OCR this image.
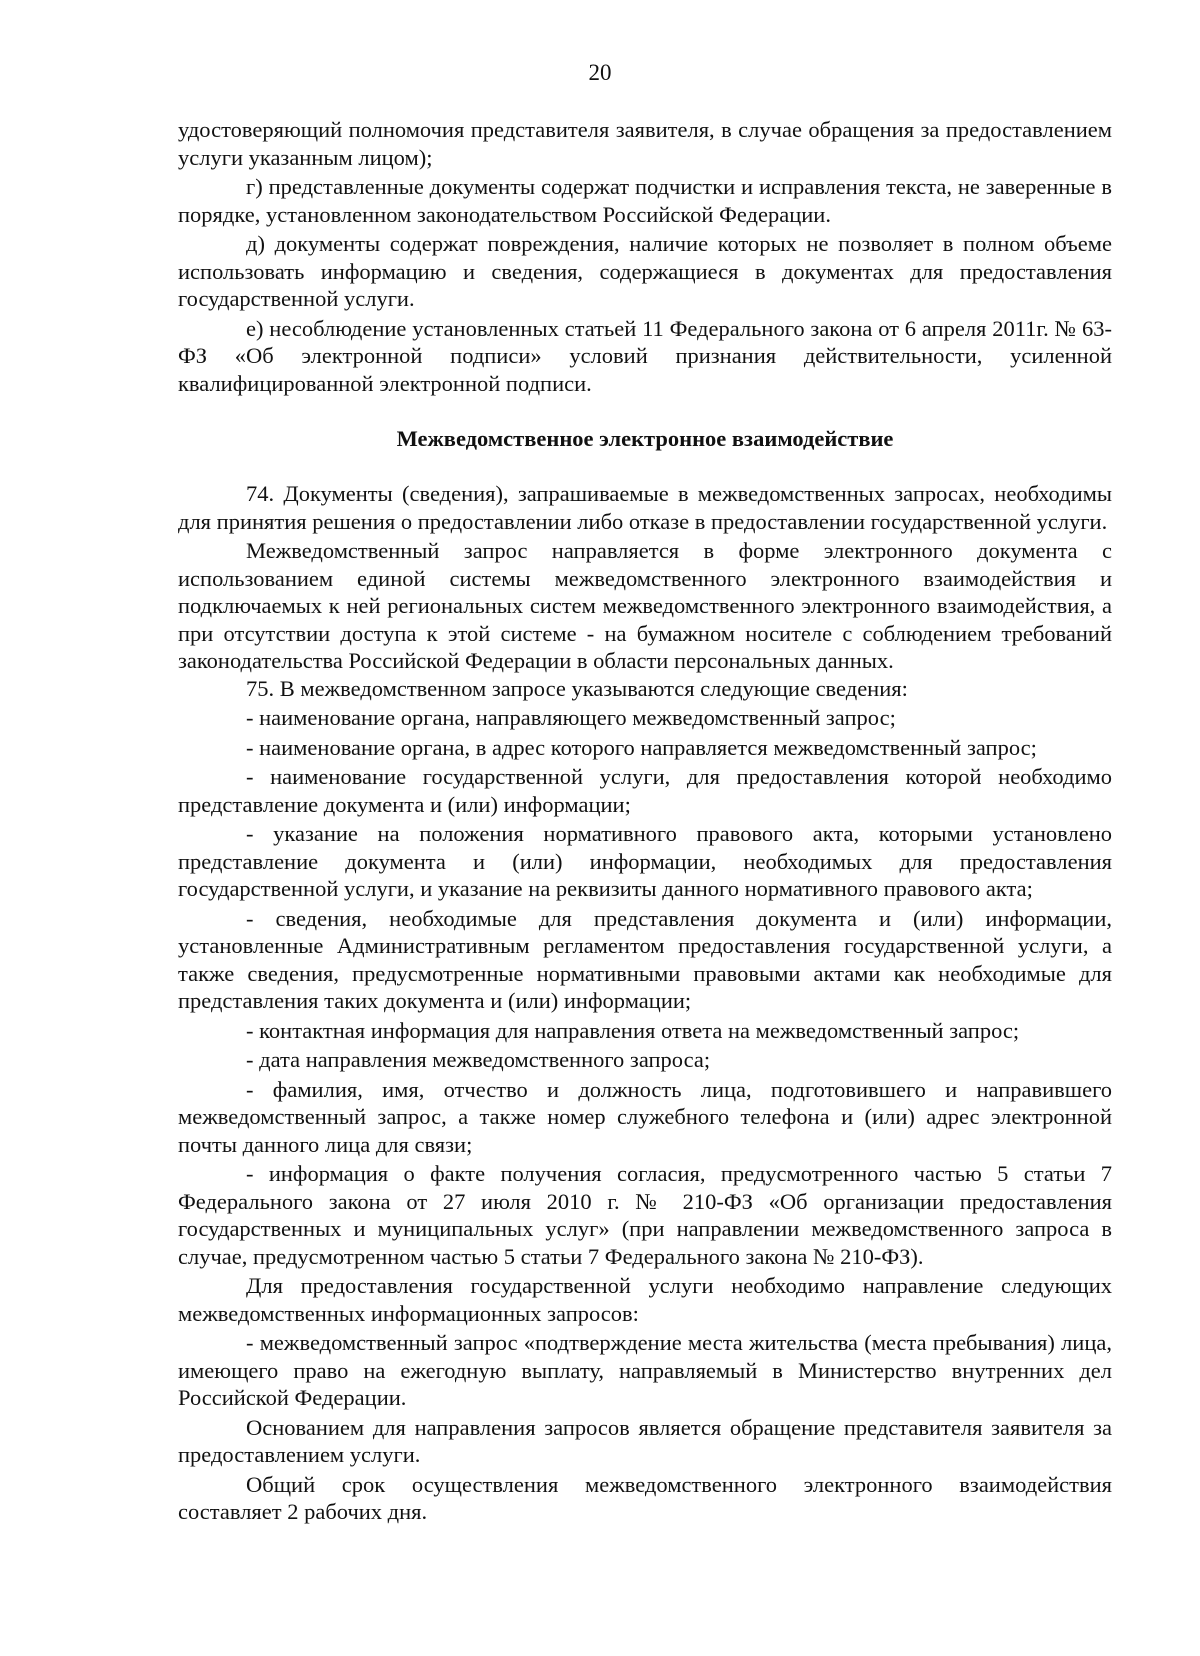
20

удостоверяющий полномочия представителя заявителя, в случае обращения за предоставлением услуги указанным лицом);

г) представленные документы содержат подчистки и исправления текста, не заверенные в порядке, установленном законодательством Российской Федерации.

д) документы содержат повреждения, наличие которых не позволяет в полном объеме использовать информацию и сведения, содержащиеся в документах для предоставления государственной услуги.

е) несоблюдение установленных статьей 11 Федерального закона от 6 апреля 2011г. № 63-ФЗ «Об электронной подписи» условий признания действительности, усиленной квалифицированной электронной подписи.

Межведомственное электронное взаимодействие

74. Документы (сведения), запрашиваемые в межведомственных запросах, необходимы для принятия решения о предоставлении либо отказе в предоставлении государственной услуги.

Межведомственный запрос направляется в форме электронного документа с использованием единой системы межведомственного электронного взаимодействия и подключаемых к ней региональных систем межведомственного электронного взаимодействия, а при отсутствии доступа к этой системе - на бумажном носителе с соблюдением требований законодательства Российской Федерации в области персональных данных.

75. В межведомственном запросе указываются следующие сведения:

- наименование органа, направляющего межведомственный запрос;

- наименование органа, в адрес которого направляется межведомственный запрос;

- наименование государственной услуги, для предоставления которой необходимо представление документа и (или) информации;

- указание на положения нормативного правового акта, которыми установлено представление документа и (или) информации, необходимых для предоставления государственной услуги, и указание на реквизиты данного нормативного правового акта;

- сведения, необходимые для представления документа и (или) информации, установленные Административным регламентом предоставления государственной услуги, а также сведения, предусмотренные нормативными правовыми актами как необходимые для представления таких документа и (или) информации;

- контактная информация для направления ответа на межведомственный запрос;

- дата направления межведомственного запроса;

- фамилия, имя, отчество и должность лица, подготовившего и направившего межведомственный запрос, а также номер служебного телефона и (или) адрес электронной почты данного лица для связи;

- информация о факте получения согласия, предусмотренного частью 5 статьи 7 Федерального закона от 27 июля 2010 г. № 210-ФЗ «Об организации предоставления государственных и муниципальных услуг» (при направлении межведомственного запроса в случае, предусмотренном частью 5 статьи 7 Федерального закона № 210-ФЗ).

Для предоставления государственной услуги необходимо направление следующих межведомственных информационных запросов:

- межведомственный запрос «подтверждение места жительства (места пребывания) лица, имеющего право на ежегодную выплату, направляемый в Министерство внутренних дел Российской Федерации.

Основанием для направления запросов является обращение представителя заявителя за предоставлением услуги.

Общий срок осуществления межведомственного электронного взаимодействия составляет 2 рабочих дня.
